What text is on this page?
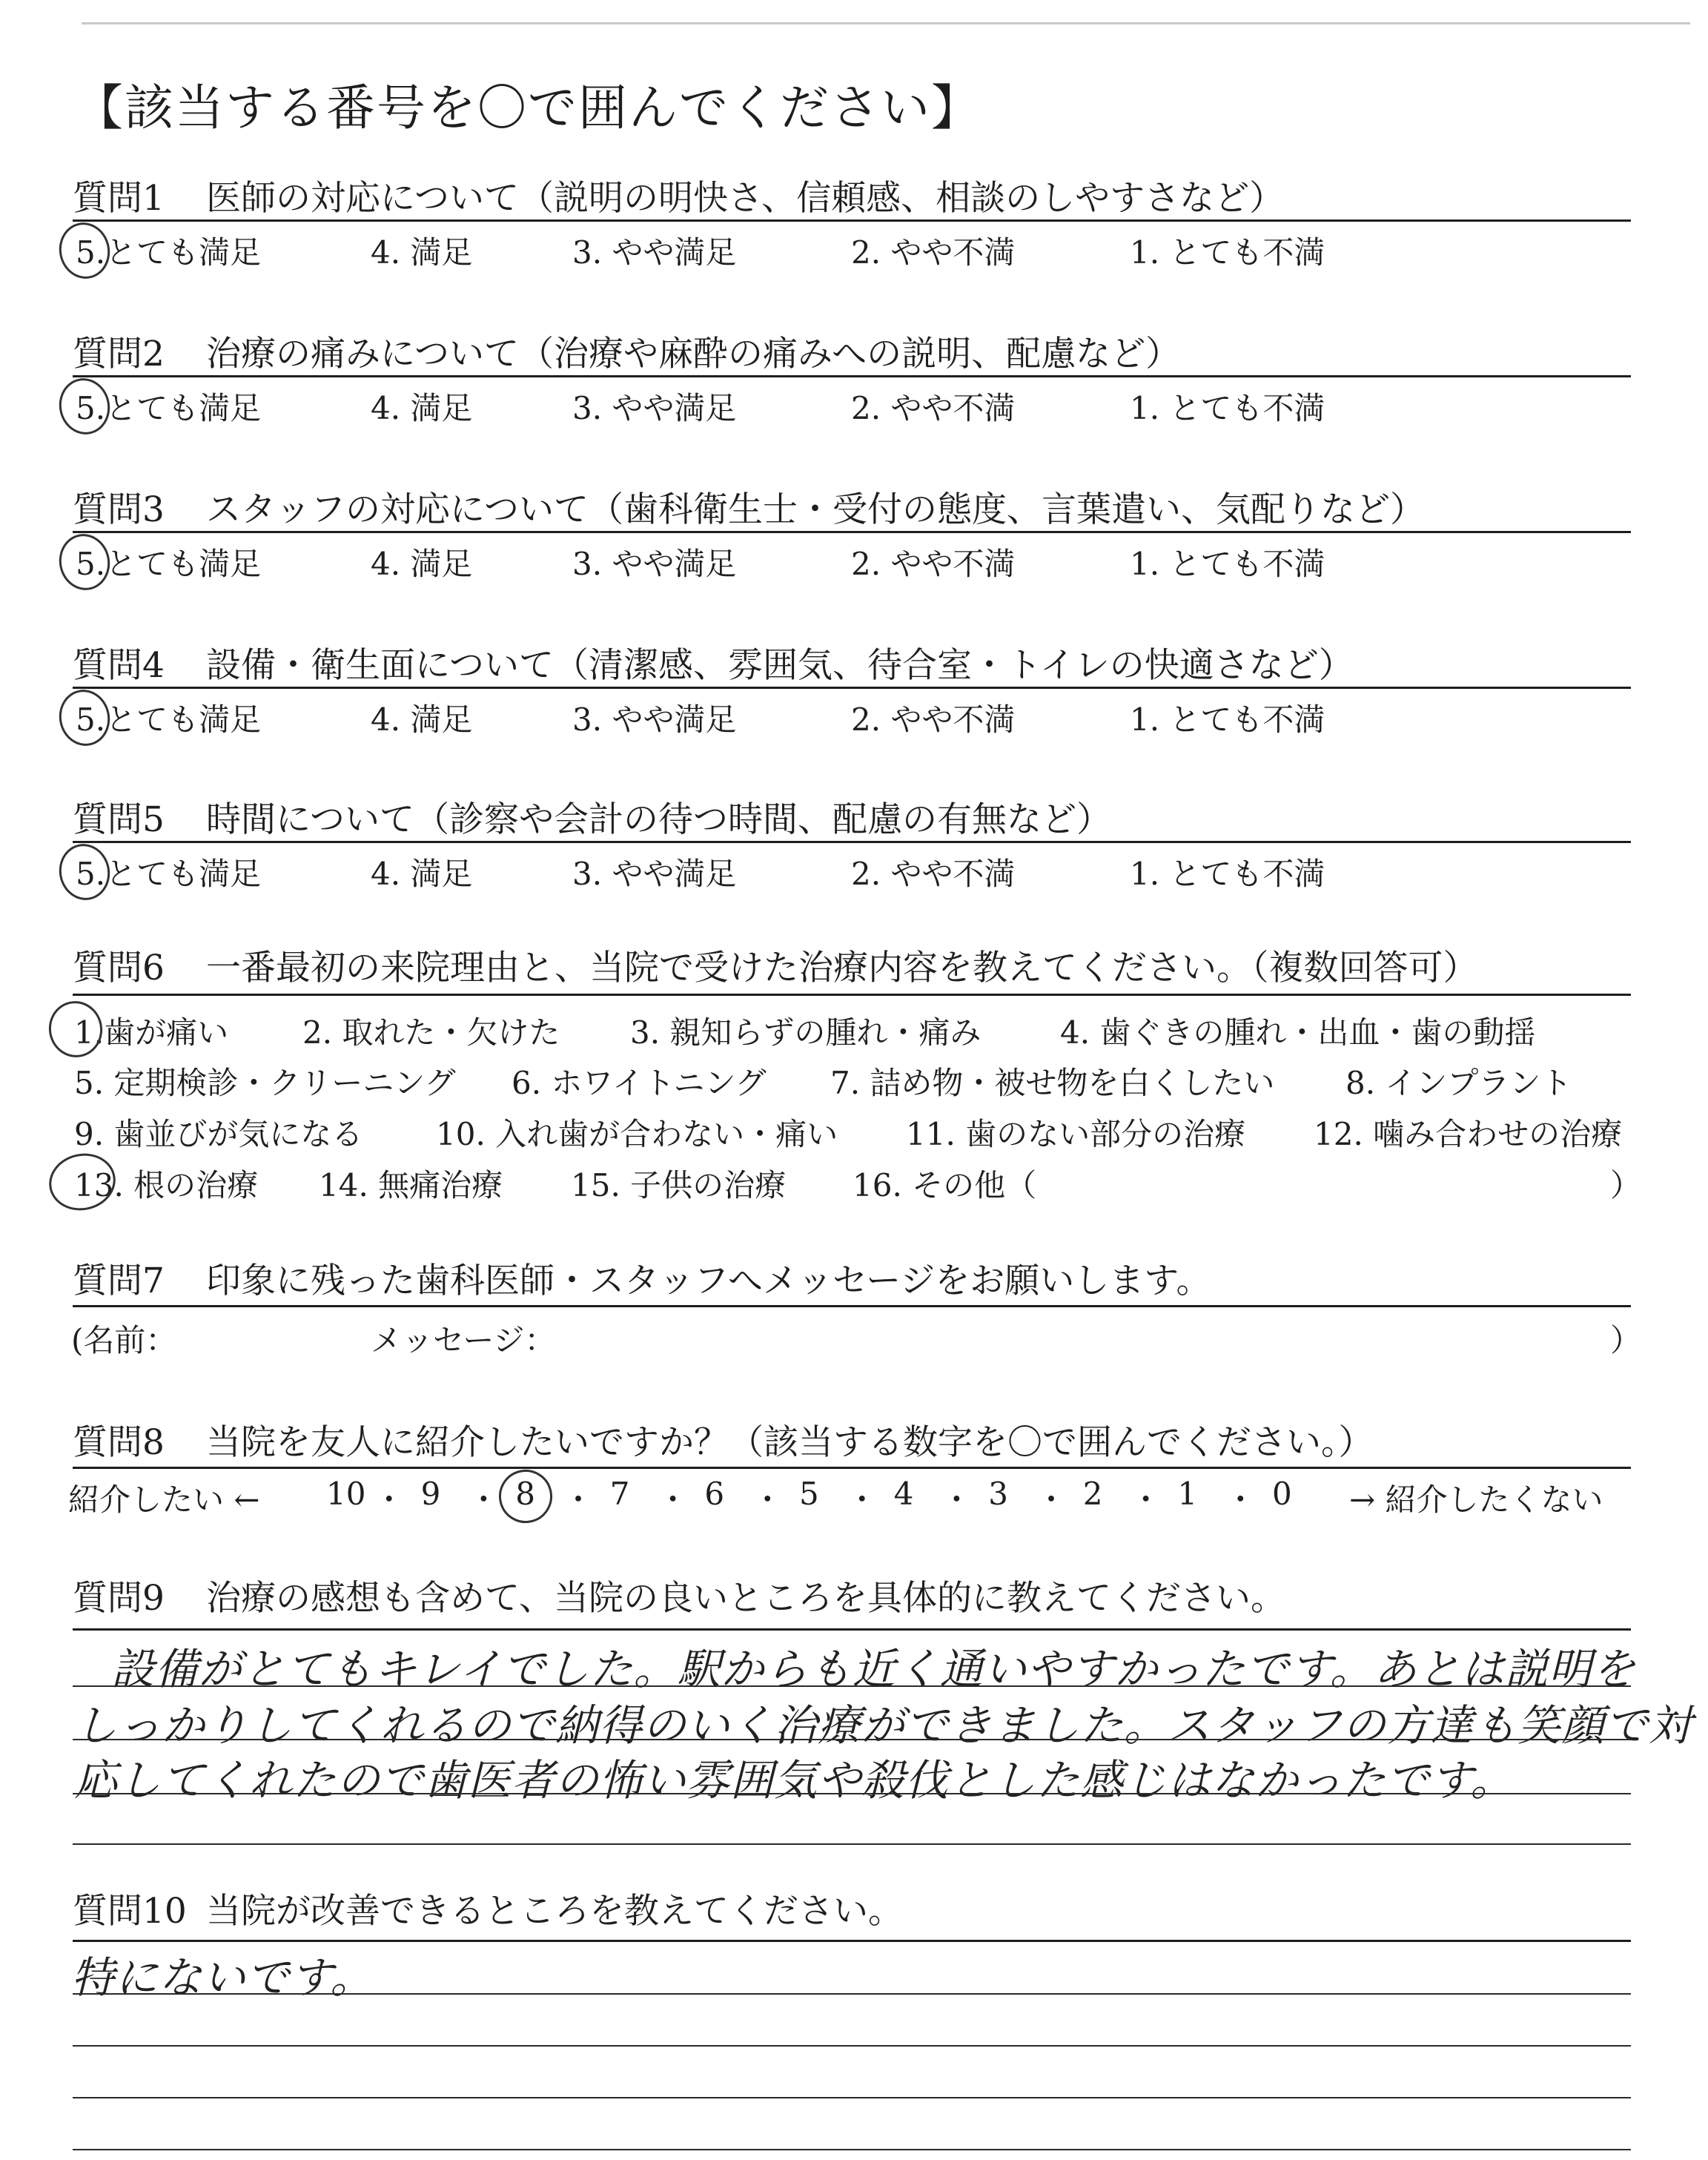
【該当する番号を〇で囲んでください】
質問1 医師の対応について（説明の明快さ、信頼感、相談のしやすさなど）
5.とても満足	4. 満足	3. やや満足	2. やや不満	1. とても不満
質問2 治療の痛みについて（治療や麻酔の痛みへの説明、配慮など）
5.とても満足	4. 満足	3. やや満足	2. やや不満	1. とても不満
質問3 スタッフの対応について（歯科衛生士・受付の態度、言葉遣い、気配りなど）
5.とても満足	4. 満足	3. やや満足	2. やや不満	1. とても不満
質問4 設備・衛生面について（清潔感、雰囲気、待合室・トイレの快適さなど）
5.とても満足	4. 満足	3. やや満足	2. やや不満	1. とても不満
質問5 時間について（診察や会計の待つ時間、配慮の有無など）
5.とても満足	4. 満足	3. やや満足	2. やや不満	1. とても不満
質問6 一番最初の来院理由と、当院で受けた治療内容を教えてください。（複数回答可）
1.歯が痛い 2. 取れた・欠けた 3. 親知らずの腫れ・痛み	4. 歯ぐきの腫れ・出血・歯の動揺
5. 定期検診・クリーニング 6. ホワイトニング 7. 詰め物・被せ物を白くしたい 8. インプラント
9. 歯並びが気になる 10. 入れ歯が合わない・痛い 11. 歯のない部分の治療 12. 噛み合わせの治療
13. 根の治療 14. 無痛治療 15. 子供の治療 16. その他（	）
質問7 印象に残った歯科医師・スタッフへメッセージをお願いします。
(名前：	メッセージ：	）
質問8 当院を友人に紹介したいですか？（該当する数字を〇で囲んでください。）
紹介したい ← 10 ・ 9 ・ 8 ・ 7 ・ 6 ・ 5 ・ 4 ・ 3 ・ 2 ・ 1 ・ 0 → 紹介したくない
質問9 治療の感想も含めて、当院の良いところを具体的に教えてください。
設備がとてもキレイでした。駅からも近く通いやすかったです。あとは説明を
しっかりしてくれるので納得のいく治療ができました。スタッフの方達も笑顔で対
応してくれたので歯医者の怖い雰囲気や殺伐とした感じはなかったです。
質問10 当院が改善できるところを教えてください。
特にないです。
